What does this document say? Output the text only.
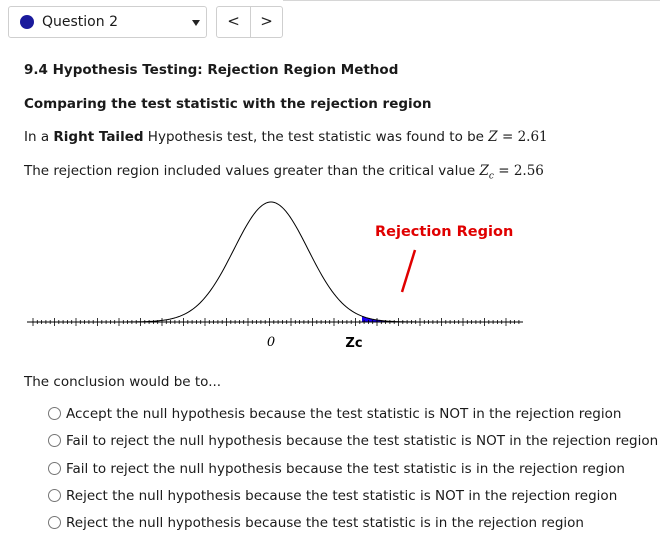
Question 2	<	>
9.4 Hypothesis Testing: Rejection Region Method
Comparing the test statistic with the rejection region
In a Right Tailed Hypothesis test, the test statistic was found to be Z = 2.61
The rejection region included values greater than the critical value $Z_c = 2.56$
Rejection Region
0	Zc
The conclusion would be to...
Accept the null hypothesis because the test statistic is NOT in the rejection region
Fail to reject the null hypothesis because the test statistic is NOT in the rejection region
Fail to reject the null hypothesis because the test statistic is in the rejection region
Reject the null hypothesis because the test statistic is NOT in the rejection region
Reject the null hypothesis because the test statistic is in the rejection region
